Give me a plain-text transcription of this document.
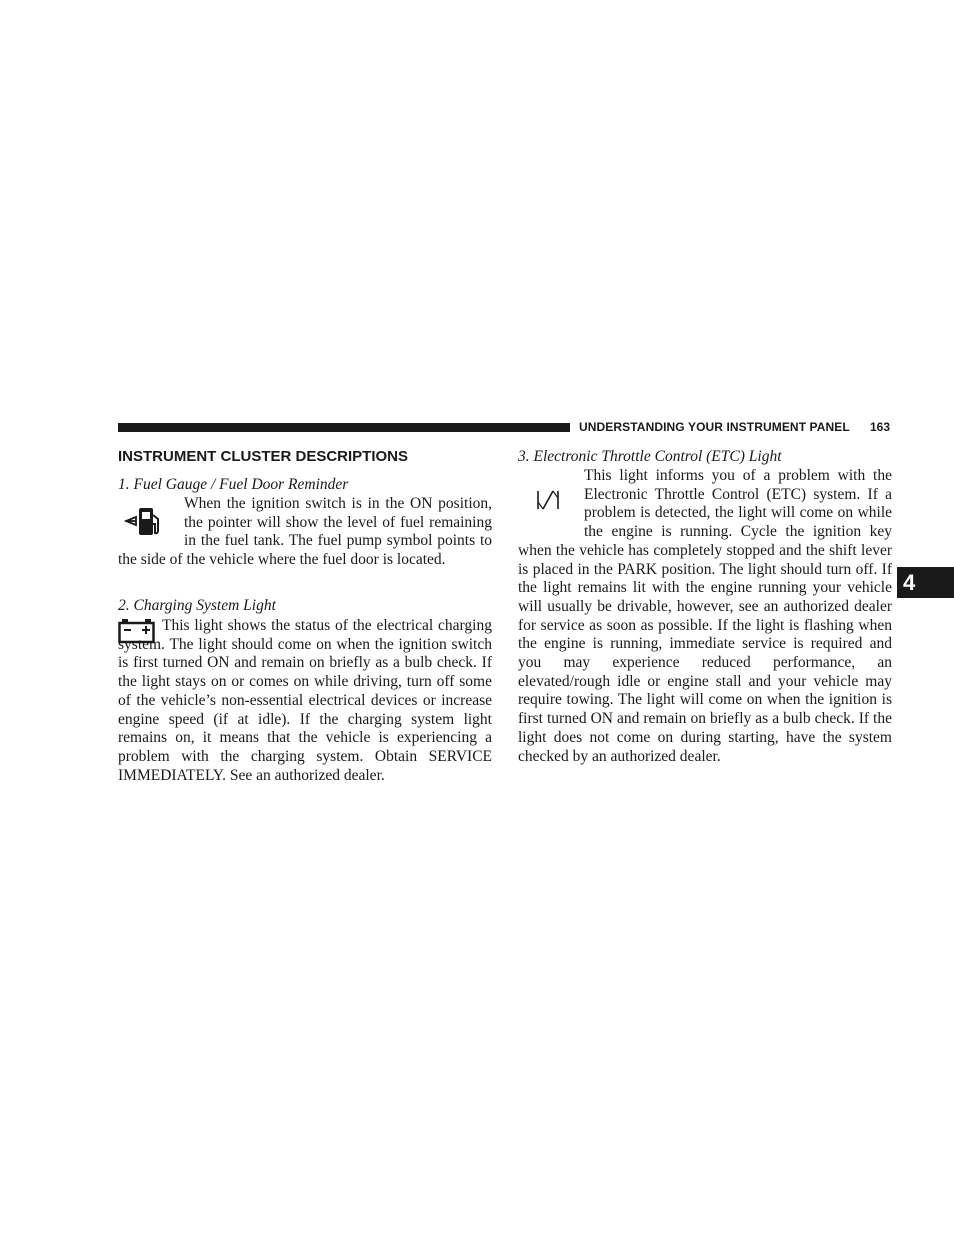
UNDERSTANDING YOUR INSTRUMENT PANEL 163
4
INSTRUMENT CLUSTER DESCRIPTIONS
1. Fuel Gauge / Fuel Door Reminder

When the ignition switch is in the ON position, the pointer will show the level of fuel remaining in the fuel tank. The fuel pump symbol points to the side of the vehicle where the fuel door is located.

2. Charging System Light

This light shows the status of the electrical charging system. The light should come on when the ignition switch is first turned ON and remain on briefly as a bulb check. If the light stays on or comes on while driving, turn off some of the vehicle’s non-essential electrical devices or increase engine speed (if at idle). If the charging system light remains on, it means that the vehicle is experiencing a problem with the charging system. Obtain SERVICE IMMEDIATELY. See an authorized dealer.

3. Electronic Throttle Control (ETC) Light

This light informs you of a problem with the Electronic Throttle Control (ETC) system. If a problem is detected, the light will come on while the engine is running. Cycle the ignition key when the vehicle has completely stopped and the shift lever is placed in the PARK position. The light should turn off. If the light remains lit with the engine running your vehicle will usually be drivable, however, see an authorized dealer for service as soon as possible. If the light is flashing when the engine is running, immediate service is required and you may experience reduced performance, an elevated/rough idle or engine stall and your vehicle may require towing. The light will come on when the ignition is first turned ON and remain on briefly as a bulb check. If the light does not come on during starting, have the system checked by an authorized dealer.
